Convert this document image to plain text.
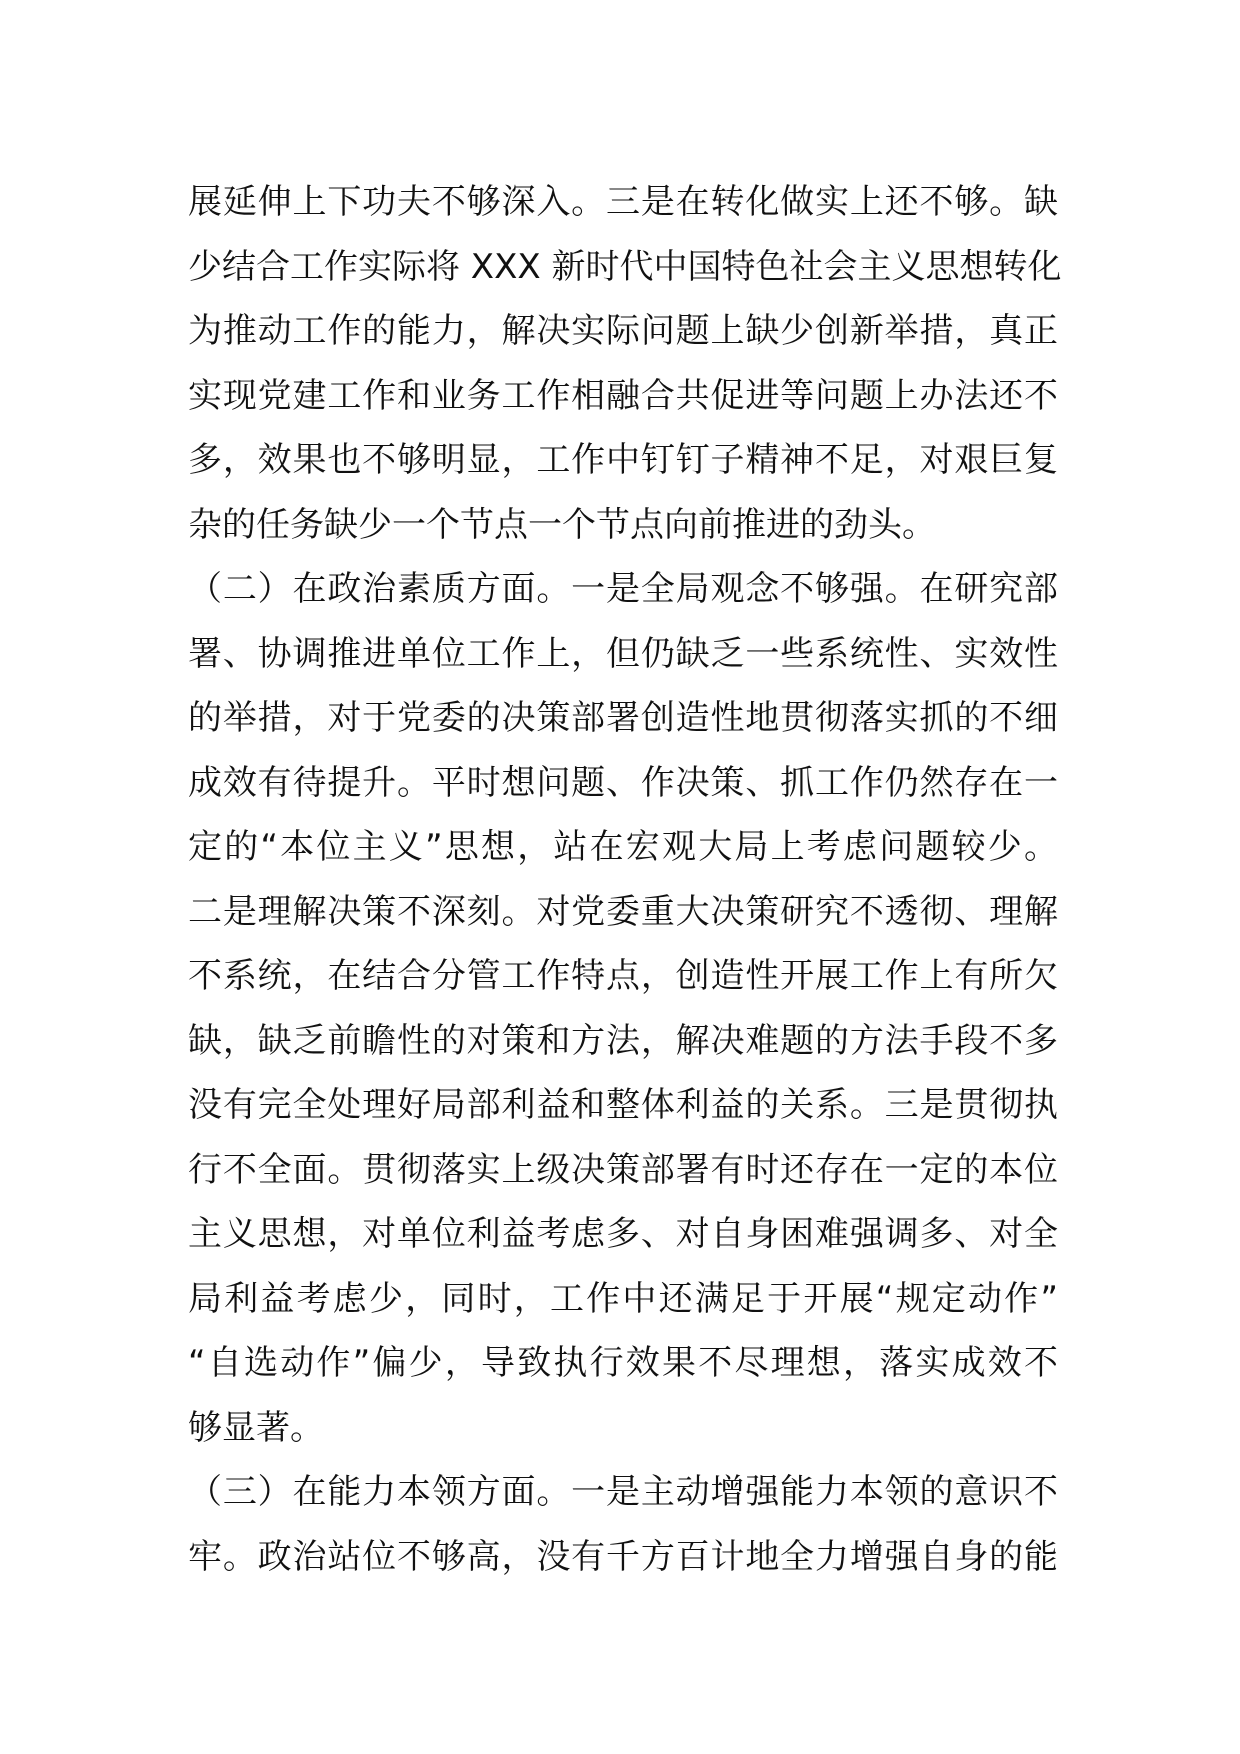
展延伸上下功夫不够深入。三是在转化做实上还不够。缺
少结合工作实际将 XXX 新时代中国特色社会主义思想转化
为推动工作的能力，解决实际问题上缺少创新举措，真正
实现党建工作和业务工作相融合共促进等问题上办法还不
多，效果也不够明显，工作中钉钉子精神不足，对艰巨复
杂的任务缺少一个节点一个节点向前推进的劲头。
（二）在政治素质方面。一是全局观念不够强。在研究部
署、协调推进单位工作上，但仍缺乏一些系统性、实效性
的举措，对于党委的决策部署创造性地贯彻落实抓的不细
成效有待提升。平时想问题、作决策、抓工作仍然存在一
定的“本位主义”思想，站在宏观大局上考虑问题较少。
二是理解决策不深刻。对党委重大决策研究不透彻、理解
不系统，在结合分管工作特点，创造性开展工作上有所欠
缺，缺乏前瞻性的对策和方法，解决难题的方法手段不多
没有完全处理好局部利益和整体利益的关系。三是贯彻执
行不全面。贯彻落实上级决策部署有时还存在一定的本位
主义思想，对单位利益考虑多、对自身困难强调多、对全
局利益考虑少，同时，工作中还满足于开展“规定动作”
“自选动作”偏少，导致执行效果不尽理想，落实成效不
够显著。
（三）在能力本领方面。一是主动增强能力本领的意识不
牢。政治站位不够高，没有千方百计地全力增强自身的能
